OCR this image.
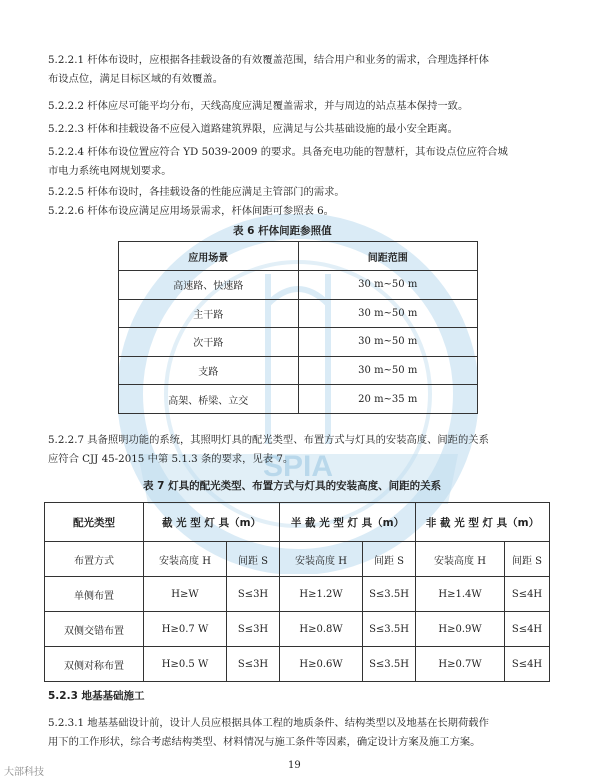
SPIA
5.2.2.1 杆体布设时，应根据各挂载设备的有效覆盖范围，结合用户和业务的需求，合理选择杆体
布设点位，满足目标区域的有效覆盖。
5.2.2.2 杆体应尽可能平均分布，天线高度应满足覆盖需求，并与周边的站点基本保持一致。
5.2.2.3 杆体和挂载设备不应侵入道路建筑界限，应满足与公共基础设施的最小安全距离。
5.2.2.4 杆体布设位置应符合 YD 5039-2009 的要求。具备充电功能的智慧杆，其布设点位应符合城
市电力系统电网规划要求。
5.2.2.5 杆体布设时，各挂载设备的性能应满足主管部门的需求。
5.2.2.6 杆体布设应满足应用场景需求，杆体间距可参照表 6。
表 6 杆体间距参照值
应用场景	间距范围
高速路、快速路	30 m~50 m
主干路	30 m~50 m
次干路	30 m~50 m
支路	30 m~50 m
高架、桥梁、立交	20 m~35 m
5.2.2.7 具备照明功能的系统，其照明灯具的配光类型、布置方式与灯具的安装高度、间距的关系
应符合 CJJ 45-2015 中第 5.1.3 条的要求，见表 7。
表 7 灯具的配光类型、布置方式与灯具的安装高度、间距的关系
配光类型	截 光 型 灯 具（m）		半 截 光 型 灯 具（m）		非 截 光 型 灯 具（m）	
布置方式	安装高度 H	间距 S	安装高度 H	间距 S	安装高度 H	间距 S
单侧布置	H≥W	S≤3H	H≥1.2W	S≤3.5H	H≥1.4W	S≤4H
双侧交错布置	H≥0.7 W	S≤3H	H≥0.8W	S≤3.5H	H≥0.9W	S≤4H
双侧对称布置	H≥0.5 W	S≤3H	H≥0.6W	S≤3.5H	H≥0.7W	S≤4H
5.2.3 地基基础施工
5.2.3.1 地基基础设计前，设计人员应根据具体工程的地质条件、结构类型以及地基在长期荷载作
用下的工作形状，综合考虑结构类型、材料情况与施工条件等因素，确定设计方案及施工方案。
大部科技
19
